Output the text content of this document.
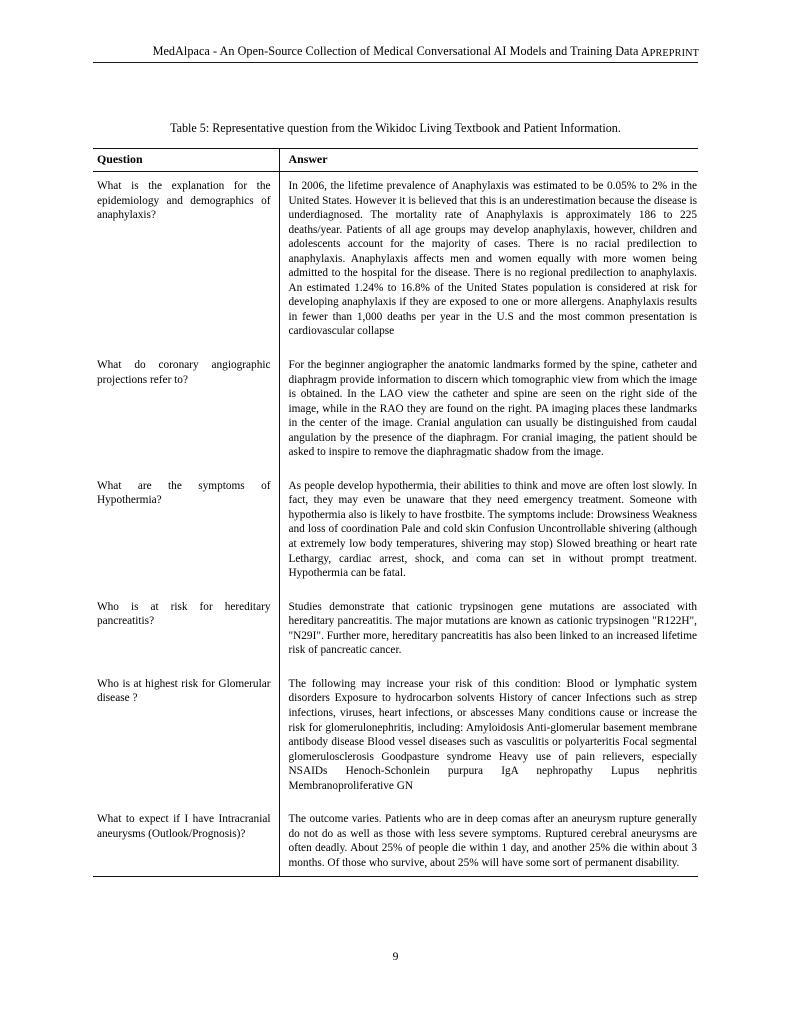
MedAlpaca - An Open-Source Collection of Medical Conversational AI Models and Training Data APREPRINT
Table 5: Representative question from the Wikidoc Living Textbook and Patient Information.

Question	Answer

What is the explanation for the epidemiology and demographics of anaphylaxis?	In 2006, the lifetime prevalence of Anaphylaxis was estimated to be 0.05% to 2% in the United States. However it is believed that this is an underestimation because the disease is underdiagnosed. The mortality rate of Anaphylaxis is approximately 186 to 225 deaths/year. Patients of all age groups may develop anaphylaxis, however, children and adolescents account for the majority of cases. There is no racial predilection to anaphylaxis. Anaphylaxis affects men and women equally with more women being admitted to the hospital for the disease. There is no regional predilection to anaphylaxis. An estimated 1.24% to 16.8% of the United States population is considered at risk for developing anaphylaxis if they are exposed to one or more allergens. Anaphylaxis results in fewer than 1,000 deaths per year in the U.S and the most common presentation is cardiovascular collapse

What do coronary angiographic projections refer to?	For the beginner angiographer the anatomic landmarks formed by the spine, catheter and diaphragm provide information to discern which tomographic view from which the image is obtained. In the LAO view the catheter and spine are seen on the right side of the image, while in the RAO they are found on the right. PA imaging places these landmarks in the center of the image. Cranial angulation can usually be distinguished from caudal angulation by the presence of the diaphragm. For cranial imaging, the patient should be asked to inspire to remove the diaphragmatic shadow from the image.

What are the symptoms of Hypothermia?	As people develop hypothermia, their abilities to think and move are often lost slowly. In fact, they may even be unaware that they need emergency treatment. Someone with hypothermia also is likely to have frostbite. The symptoms include: Drowsiness Weakness and loss of coordination Pale and cold skin Confusion Uncontrollable shivering (although at extremely low body temperatures, shivering may stop) Slowed breathing or heart rate Lethargy, cardiac arrest, shock, and coma can set in without prompt treatment. Hypothermia can be fatal.

Who is at risk for hereditary pancreatitis?	Studies demonstrate that cationic trypsinogen gene mutations are associated with hereditary pancreatitis. The major mutations are known as cationic trypsinogen "R122H", "N29I". Further more, hereditary pancreatitis has also been linked to an increased lifetime risk of pancreatic cancer.

Who is at highest risk for Glomerular disease ?	The following may increase your risk of this condition: Blood or lymphatic system disorders Exposure to hydrocarbon solvents History of cancer Infections such as strep infections, viruses, heart infections, or abscesses Many conditions cause or increase the risk for glomerulonephritis, including: Amyloidosis Anti-glomerular basement membrane antibody disease Blood vessel diseases such as vasculitis or polyarteritis Focal segmental glomerulosclerosis Goodpasture syndrome Heavy use of pain relievers, especially NSAIDs Henoch-Schonlein purpura IgA nephropathy Lupus nephritis Membranoproliferative GN

What to expect if I have Intracranial aneurysms (Outlook/Prognosis)?	The outcome varies. Patients who are in deep comas after an aneurysm rupture generally do not do as well as those with less severe symptoms. Ruptured cerebral aneurysms are often deadly. About 25% of people die within 1 day, and another 25% die within about 3 months. Of those who survive, about 25% will have some sort of permanent disability.

9
